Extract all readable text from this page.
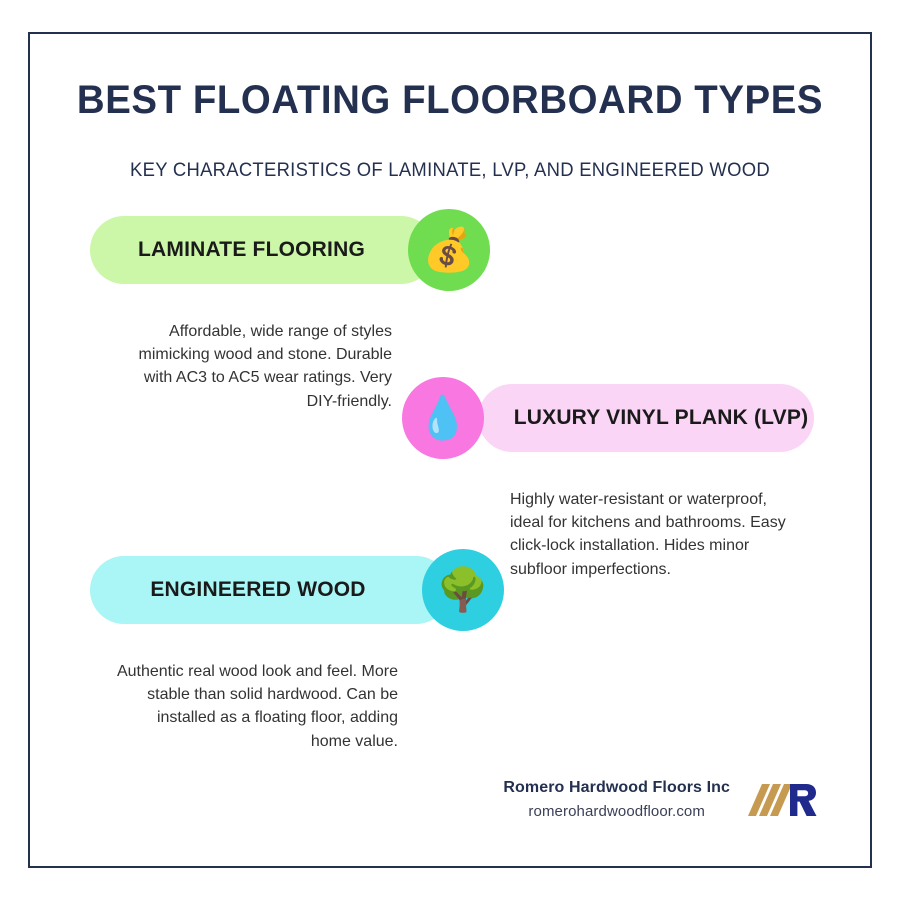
BEST FLOATING FLOORBOARD TYPES
KEY CHARACTERISTICS OF LAMINATE, LVP, AND ENGINEERED WOOD
LAMINATE FLOORING	💰

Affordable, wide range of styles mimicking wood and stone. Durable with AC3 to AC5 wear ratings. Very DIY-friendly.

LUXURY VINYL PLANK (LVP)
💧

Highly water-resistant or waterproof, ideal for kitchens and bathrooms. Easy click-lock installation. Hides minor subfloor imperfections.

ENGINEERED WOOD	🌳

Authentic real wood look and feel. More stable than solid hardwood. Can be installed as a floating floor, adding home value.

Romero Hardwood Floors Inc
romerohardwoodfloor.com
